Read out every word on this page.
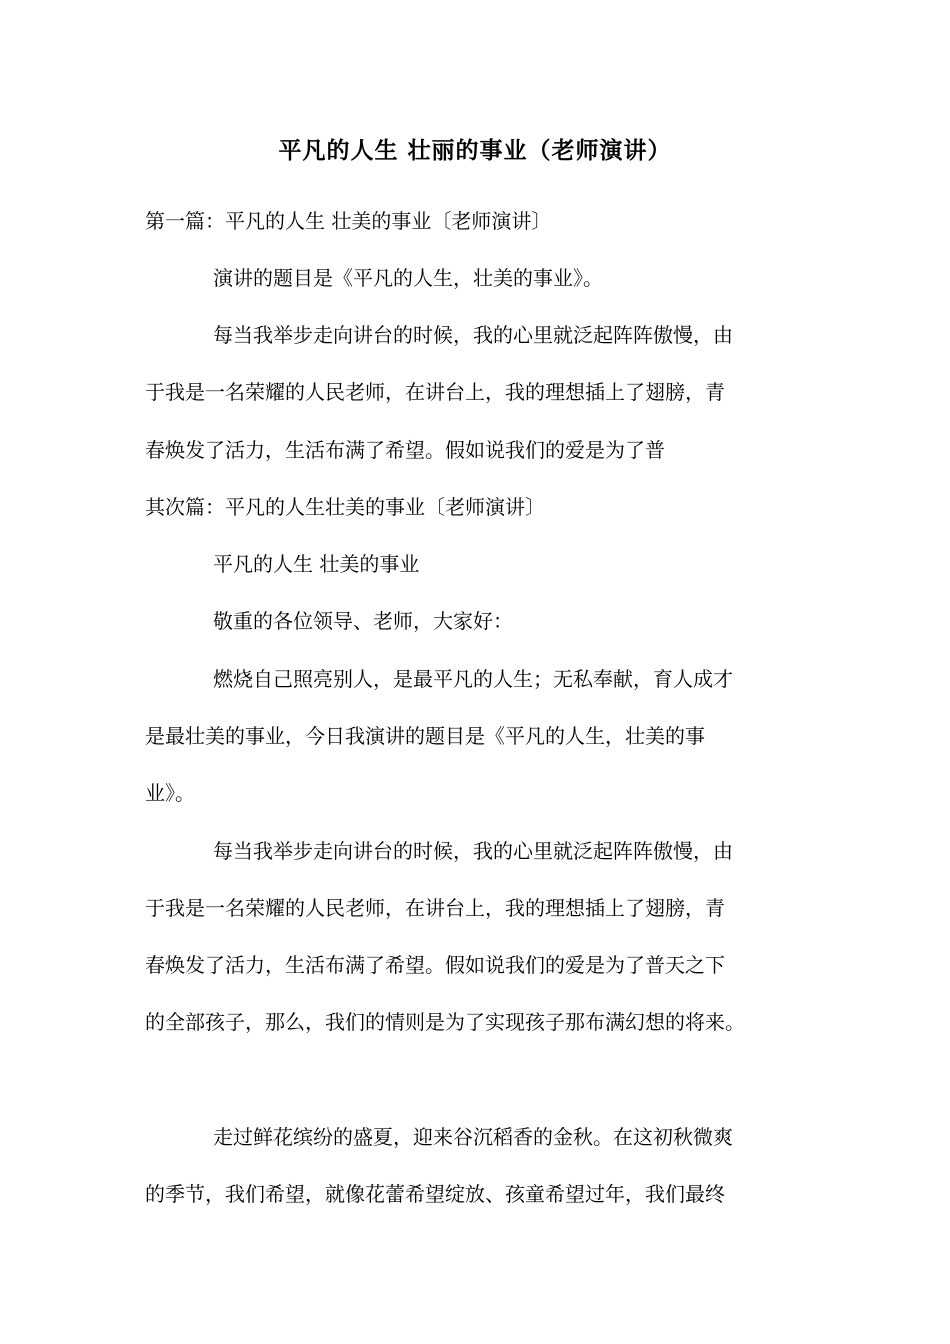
平凡的人生 壮丽的事业（老师演讲）
第一篇：平凡的人生 壮美的事业〔老师演讲〕
演讲的题目是《平凡的人生，壮美的事业》。
每当我举步走向讲台的时候，我的心里就泛起阵阵傲慢，由
于我是一名荣耀的人民老师，在讲台上，我的理想插上了翅膀，青
春焕发了活力，生活布满了希望。假如说我们的爱是为了普
其次篇：平凡的人生壮美的事业〔老师演讲〕
平凡的人生 壮美的事业
敬重的各位领导、老师，大家好：
燃烧自己照亮别人，是最平凡的人生；无私奉献，育人成才
是最壮美的事业，今日我演讲的题目是《平凡的人生，壮美的事
业》。
每当我举步走向讲台的时候，我的心里就泛起阵阵傲慢，由
于我是一名荣耀的人民老师，在讲台上，我的理想插上了翅膀，青
春焕发了活力，生活布满了希望。假如说我们的爱是为了普天之下
的全部孩子，那么，我们的情则是为了实现孩子那布满幻想的将来。
走过鲜花缤纷的盛夏，迎来谷沉稻香的金秋。在这初秋微爽
的季节，我们希望，就像花蕾希望绽放、孩童希望过年，我们最终
